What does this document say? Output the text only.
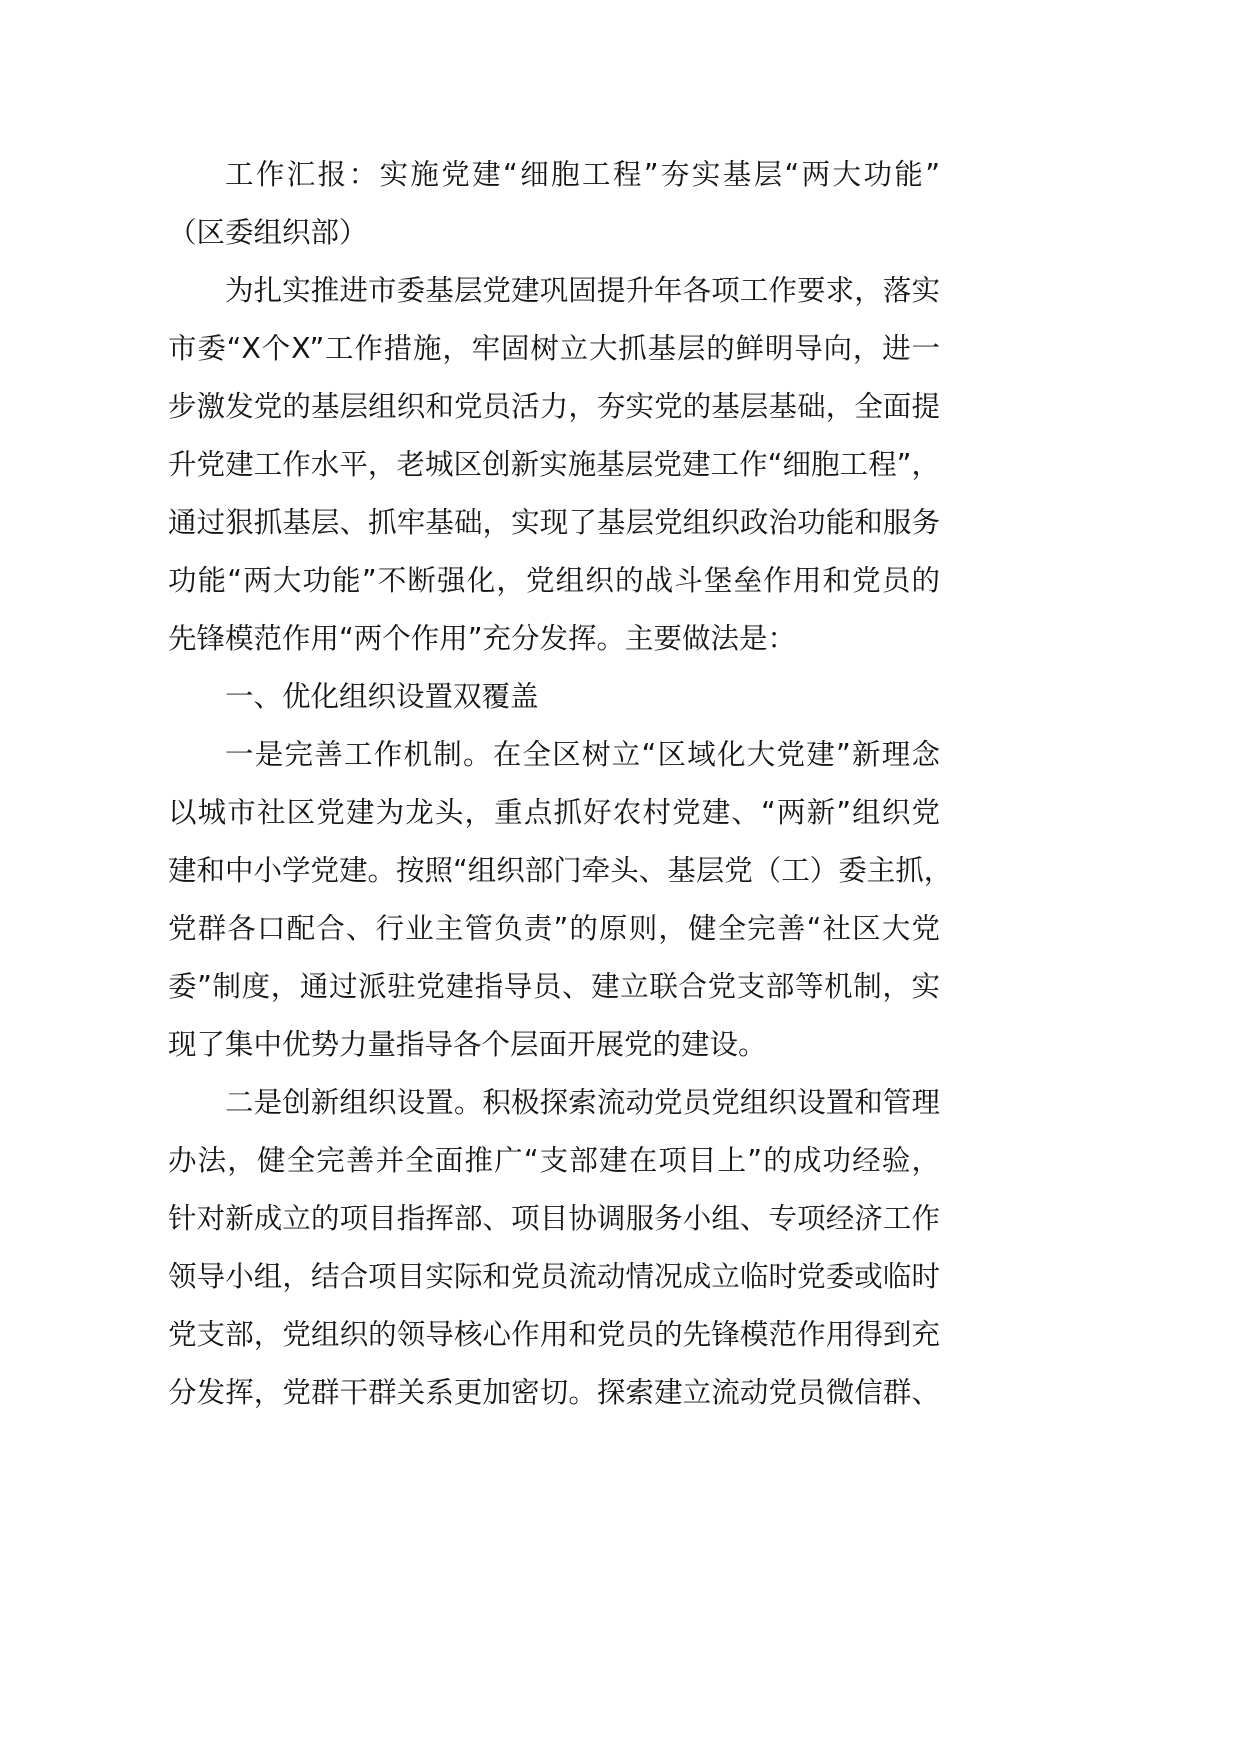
工作汇报：实施党建“细胞工程”夯实基层“两大功能”
（区委组织部）
为扎实推进市委基层党建巩固提升年各项工作要求，落实
市委“X个X”工作措施，牢固树立大抓基层的鲜明导向，进一
步激发党的基层组织和党员活力，夯实党的基层基础，全面提
升党建工作水平，老城区创新实施基层党建工作“细胞工程”，
通过狠抓基层、抓牢基础，实现了基层党组织政治功能和服务
功能“两大功能”不断强化，党组织的战斗堡垒作用和党员的
先锋模范作用“两个作用”充分发挥。主要做法是：
一、优化组织设置双覆盖
一是完善工作机制。在全区树立“区域化大党建”新理念
以城市社区党建为龙头，重点抓好农村党建、“两新”组织党
建和中小学党建。按照“组织部门牵头、基层党（工）委主抓，
党群各口配合、行业主管负责”的原则，健全完善“社区大党
委”制度，通过派驻党建指导员、建立联合党支部等机制，实
现了集中优势力量指导各个层面开展党的建设。
二是创新组织设置。积极探索流动党员党组织设置和管理
办法，健全完善并全面推广“支部建在项目上”的成功经验，
针对新成立的项目指挥部、项目协调服务小组、专项经济工作
领导小组，结合项目实际和党员流动情况成立临时党委或临时
党支部，党组织的领导核心作用和党员的先锋模范作用得到充
分发挥，党群干群关系更加密切。探索建立流动党员微信群、
